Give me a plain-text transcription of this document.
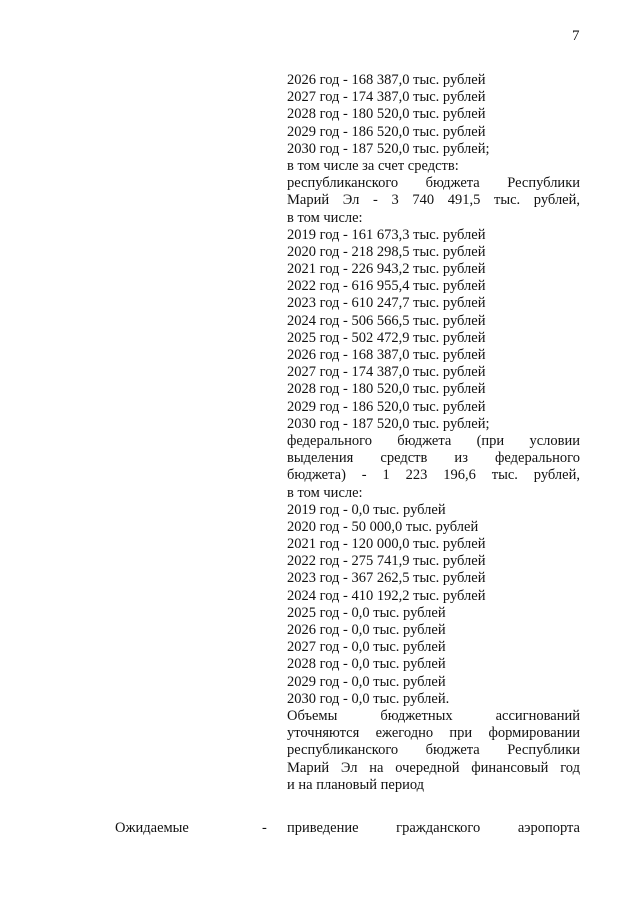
7
2026 год - 168 387,0 тыс. рублей
2027 год - 174 387,0 тыс. рублей
2028 год - 180 520,0 тыс. рублей
2029 год - 186 520,0 тыс. рублей
2030 год - 187 520,0 тыс. рублей;
в том числе за счет средств:
республиканского бюджета Республики
Марий Эл - 3 740 491,5 тыс. рублей,
в том числе:
2019 год - 161 673,3 тыс. рублей
2020 год - 218 298,5 тыс. рублей
2021 год - 226 943,2 тыс. рублей
2022 год - 616 955,4 тыс. рублей
2023 год - 610 247,7 тыс. рублей
2024 год - 506 566,5 тыс. рублей
2025 год - 502 472,9 тыс. рублей
2026 год - 168 387,0 тыс. рублей
2027 год - 174 387,0 тыс. рублей
2028 год - 180 520,0 тыс. рублей
2029 год - 186 520,0 тыс. рублей
2030 год - 187 520,0 тыс. рублей;
федерального бюджета (при условии
выделения средств из федерального
бюджета) - 1 223 196,6 тыс. рублей,
в том числе:
2019 год - 0,0 тыс. рублей
2020 год - 50 000,0 тыс. рублей
2021 год - 120 000,0 тыс. рублей
2022 год - 275 741,9 тыс. рублей
2023 год - 367 262,5 тыс. рублей
2024 год - 410 192,2 тыс. рублей
2025 год - 0,0 тыс. рублей
2026 год - 0,0 тыс. рублей
2027 год - 0,0 тыс. рублей
2028 год - 0,0 тыс. рублей
2029 год - 0,0 тыс. рублей
2030 год - 0,0 тыс. рублей.
Объемы бюджетных ассигнований
уточняются ежегодно при формировании
республиканского бюджета Республики
Марий Эл на очередной финансовый год
и на плановый период
Ожидаемые	- приведение гражданского аэропорта
